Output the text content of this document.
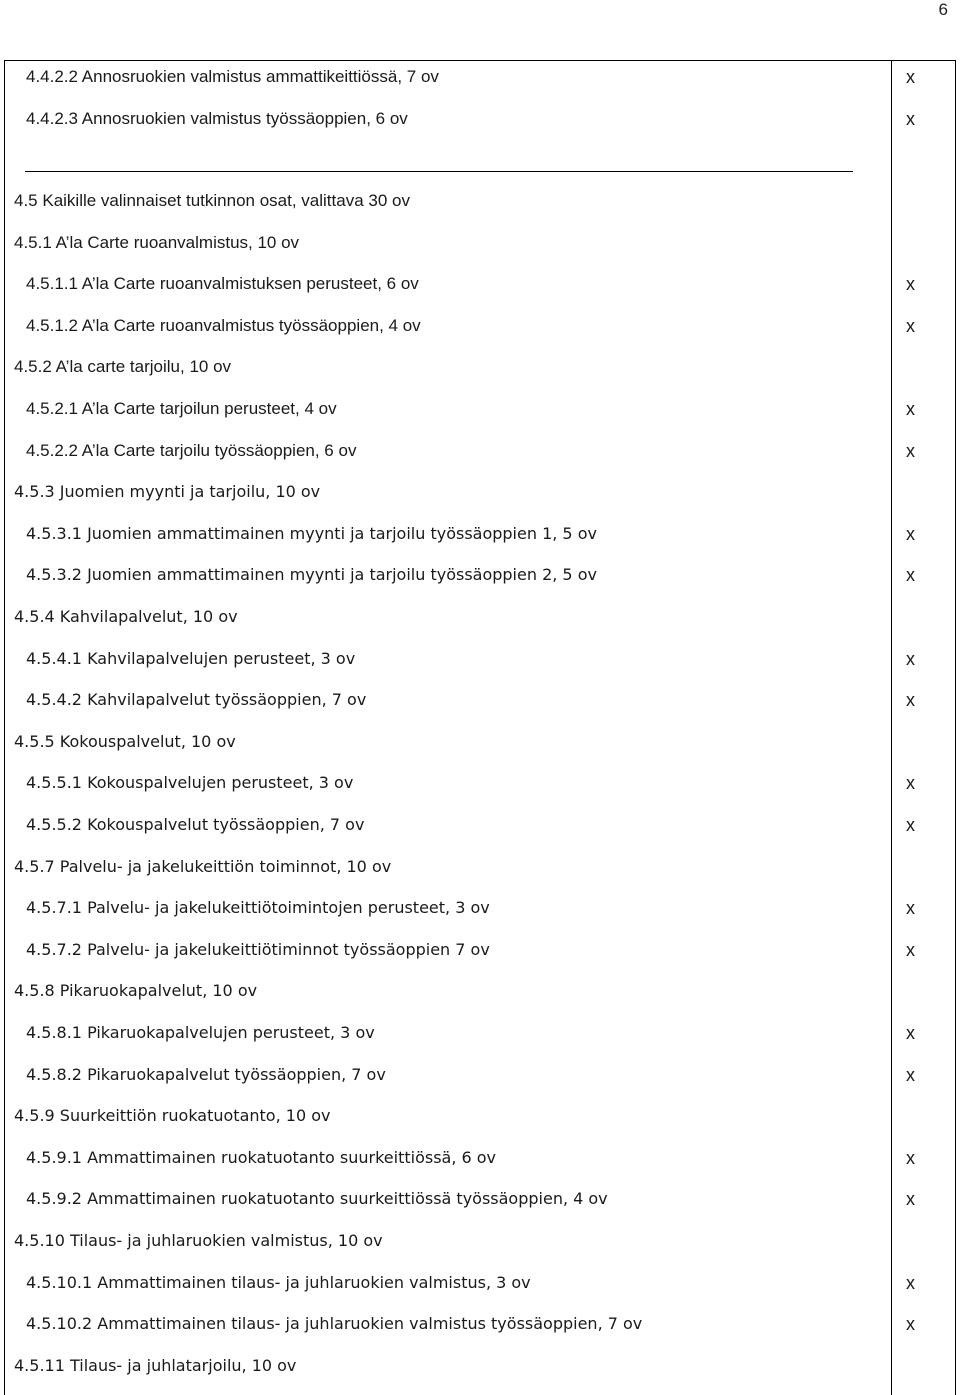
6
4.4.2.2 Annosruokien valmistus ammattikeittiössä, 7 ov	x
4.4.2.3 Annosruokien valmistus työssäoppien, 6 ov	x
4.5 Kaikille valinnaiset tutkinnon osat, valittava 30 ov
4.5.1 A’la Carte ruoanvalmistus, 10 ov
4.5.1.1 A’la Carte ruoanvalmistuksen perusteet, 6 ov	x
4.5.1.2 A’la Carte ruoanvalmistus työssäoppien, 4 ov	x
4.5.2 A’la carte tarjoilu, 10 ov
4.5.2.1 A’la Carte tarjoilun perusteet, 4 ov	x
4.5.2.2 A’la Carte tarjoilu työssäoppien, 6 ov	x
4.5.3 Juomien myynti ja tarjoilu, 10 ov
4.5.3.1 Juomien ammattimainen myynti ja tarjoilu työssäoppien 1, 5 ov	x
4.5.3.2 Juomien ammattimainen myynti ja tarjoilu työssäoppien 2, 5 ov	x
4.5.4 Kahvilapalvelut, 10 ov
4.5.4.1 Kahvilapalvelujen perusteet, 3 ov	x
4.5.4.2 Kahvilapalvelut työssäoppien, 7 ov	x
4.5.5 Kokouspalvelut, 10 ov
4.5.5.1 Kokouspalvelujen perusteet, 3 ov	x
4.5.5.2 Kokouspalvelut työssäoppien, 7 ov	x
4.5.7 Palvelu- ja jakelukeittiön toiminnot, 10 ov
4.5.7.1 Palvelu- ja jakelukeittiötoimintojen perusteet, 3 ov	x
4.5.7.2 Palvelu- ja jakelukeittiötiminnot työssäoppien 7 ov	x
4.5.8 Pikaruokapalvelut, 10 ov
4.5.8.1 Pikaruokapalvelujen perusteet, 3 ov	x
4.5.8.2 Pikaruokapalvelut työssäoppien, 7 ov	x
4.5.9 Suurkeittiön ruokatuotanto, 10 ov
4.5.9.1 Ammattimainen ruokatuotanto suurkeittiössä, 6 ov	x
4.5.9.2 Ammattimainen ruokatuotanto suurkeittiössä työssäoppien, 4 ov	x
4.5.10 Tilaus- ja juhlaruokien valmistus, 10 ov
4.5.10.1 Ammattimainen tilaus- ja juhlaruokien valmistus, 3 ov	x
4.5.10.2 Ammattimainen tilaus- ja juhlaruokien valmistus työssäoppien, 7 ov	x
4.5.11 Tilaus- ja juhlatarjoilu, 10 ov
